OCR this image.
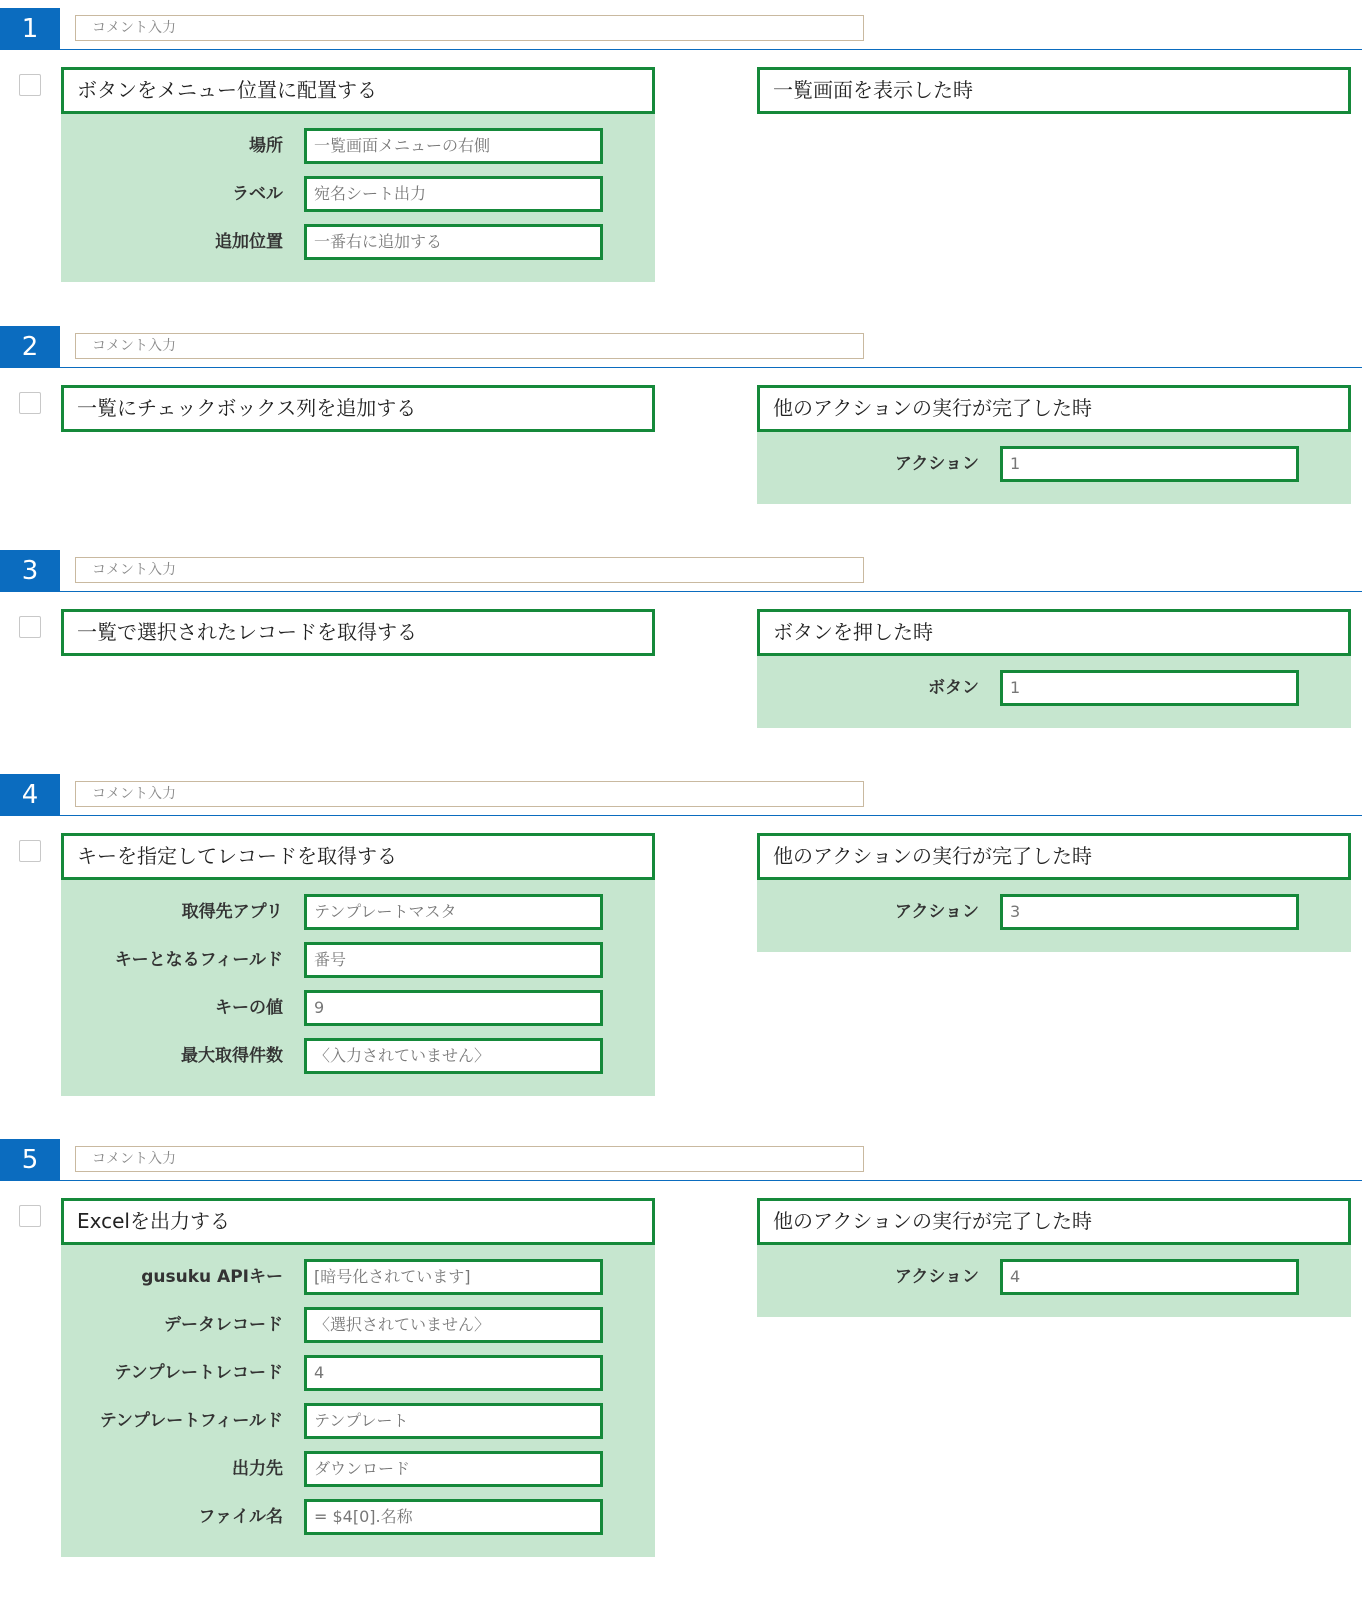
1
コメント入力
ボタンをメニュー位置に配置する
場所	一覧画面メニューの右側
ラベル	宛名シート出力
追加位置	一番右に追加する
一覧画面を表示した時
2
コメント入力
一覧にチェックボックス列を追加する	他のアクションの実行が完了した時
アクション	1
3
コメント入力
一覧で選択されたレコードを取得する	ボタンを押した時
ボタン	1
4
コメント入力
キーを指定してレコードを取得する
取得先アプリ	テンプレートマスタ
キーとなるフィールド	番号
キーの値	9
最大取得件数	〈入力されていません〉
他のアクションの実行が完了した時
アクション	3
5
コメント入力
Excelを出力する
gusuku APIキー	[暗号化されています]
データレコード	〈選択されていません〉
テンプレートレコード	4
テンプレートフィールド	テンプレート
出力先	ダウンロード
ファイル名	= $4[0].名称
他のアクションの実行が完了した時
アクション	4
